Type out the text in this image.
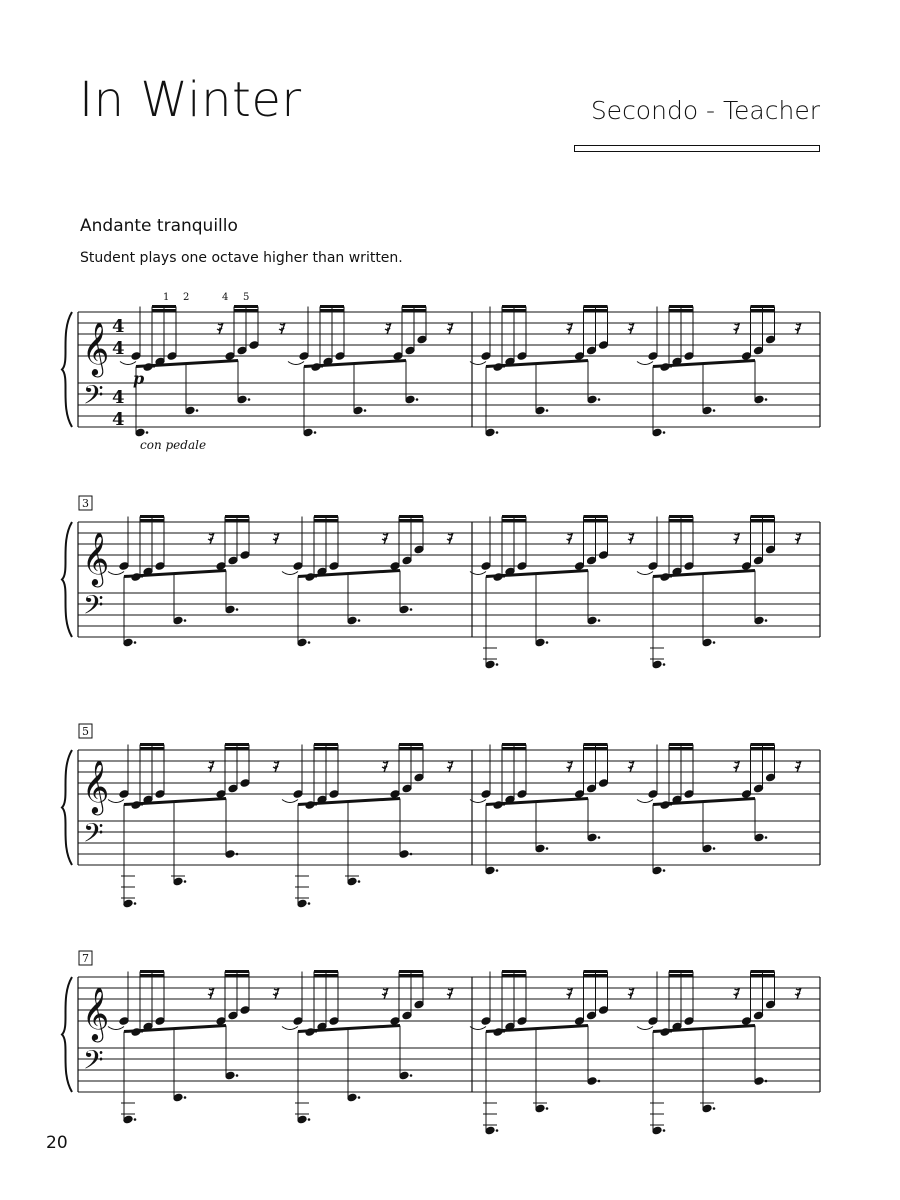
In Winter	Secondo - Teacher
Andante tranquillo
Student plays one octave higher than written.
𝄞
𝄢
4
4
4
4
1 2	4 5
p
con pedale
𝄿	𝄿	𝄿	𝄿	𝄿	𝄿	𝄿	𝄿
𝄞
𝄢
3
𝄿	𝄿	𝄿	𝄿	𝄿	𝄿	𝄿	𝄿
𝄞
𝄢
5
𝄿	𝄿	𝄿	𝄿	𝄿	𝄿	𝄿	𝄿
𝄞
𝄢
7
𝄿	𝄿	𝄿	𝄿	𝄿	𝄿	𝄿	𝄿
20
